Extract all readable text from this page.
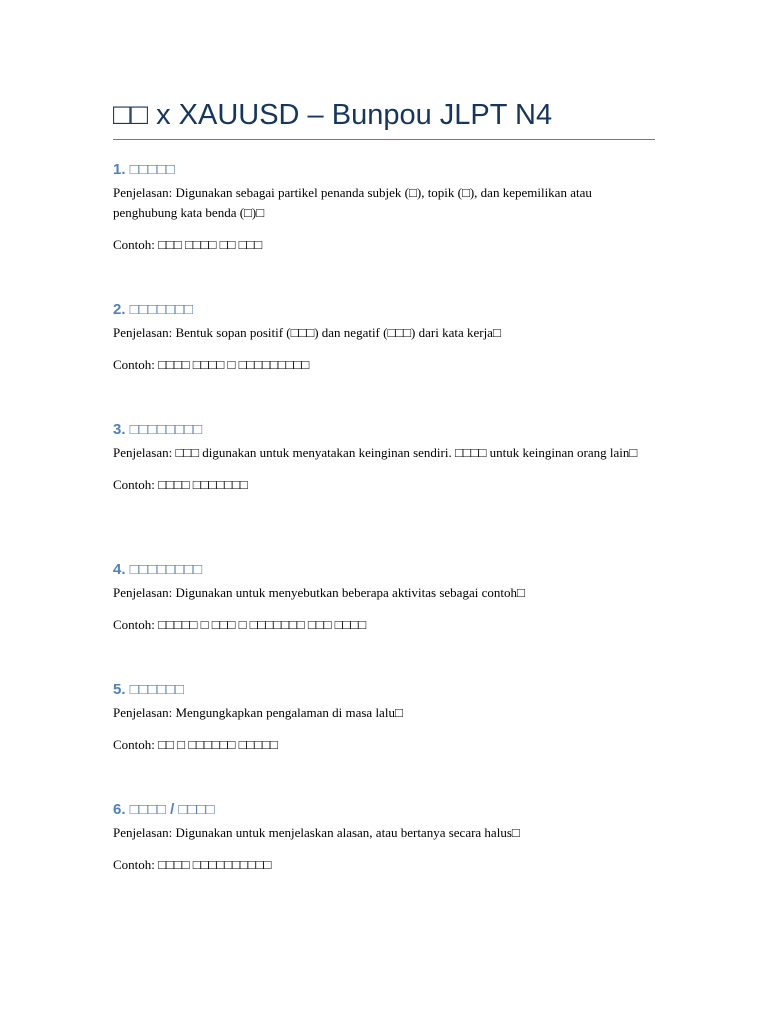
□□ x XAUUSD – Bunpou JLPT N4
1. □□□□□

Penjelasan: Digunakan sebagai partikel penanda subjek (□), topik (□), dan kepemilikan atau penghubung kata benda (□)□

Contoh: □□□ □□□□ □□ □□□

2. □□□□□□□

Penjelasan: Bentuk sopan positif (□□□) dan negatif (□□□) dari kata kerja□

Contoh: □□□□ □□□□ □ □□□□□□□□□

3. □□□□□□□□

Penjelasan: □□□ digunakan untuk menyatakan keinginan sendiri. □□□□ untuk keinginan orang lain□

Contoh: □□□□ □□□□□□□

4. □□□□□□□□

Penjelasan: Digunakan untuk menyebutkan beberapa aktivitas sebagai contoh□

Contoh: □□□□□ □ □□□ □ □□□□□□□ □□□ □□□□

5. □□□□□□

Penjelasan: Mengungkapkan pengalaman di masa lalu□

Contoh: □□ □ □□□□□□ □□□□□

6. □□□□ / □□□□

Penjelasan: Digunakan untuk menjelaskan alasan, atau bertanya secara halus□

Contoh: □□□□ □□□□□□□□□□
